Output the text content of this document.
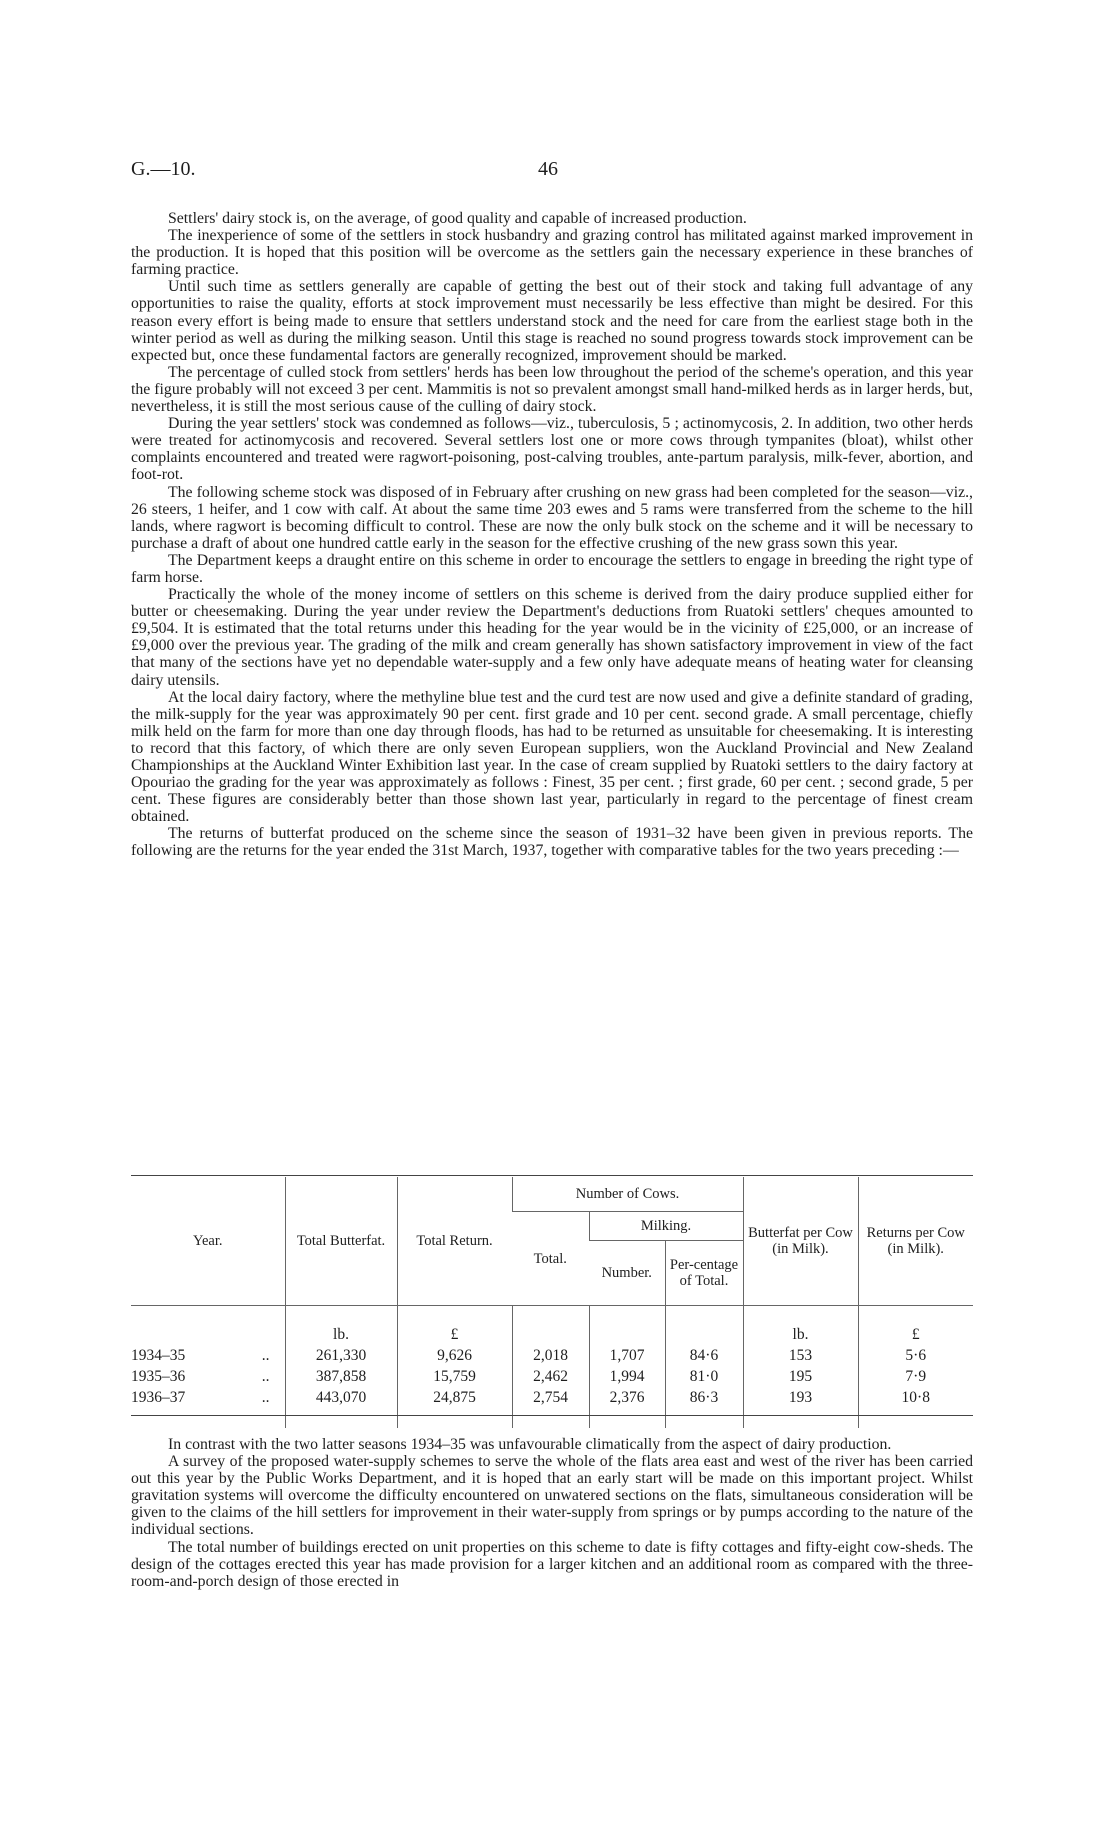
G.—10.	46

Settlers' dairy stock is, on the average, of good quality and capable of increased production.

The inexperience of some of the settlers in stock husbandry and grazing control has militated against marked improvement in the production. It is hoped that this position will be overcome as the settlers gain the necessary experience in these branches of farming practice.

Until such time as settlers generally are capable of getting the best out of their stock and taking full advantage of any opportunities to raise the quality, efforts at stock improvement must necessarily be less effective than might be desired. For this reason every effort is being made to ensure that settlers understand stock and the need for care from the earliest stage both in the winter period as well as during the milking season. Until this stage is reached no sound progress towards stock improvement can be expected but, once these fundamental factors are generally recognized, improvement should be marked.

The percentage of culled stock from settlers' herds has been low throughout the period of the scheme's operation, and this year the figure probably will not exceed 3 per cent. Mammitis is not so prevalent amongst small hand-milked herds as in larger herds, but, nevertheless, it is still the most serious cause of the culling of dairy stock.

During the year settlers' stock was condemned as follows—viz., tuberculosis, 5 ; actinomycosis, 2. In addition, two other herds were treated for actinomycosis and recovered. Several settlers lost one or more cows through tympanites (bloat), whilst other complaints encountered and treated were ragwort-poisoning, post-calving troubles, ante-partum paralysis, milk-fever, abortion, and foot-rot.

The following scheme stock was disposed of in February after crushing on new grass had been completed for the season—viz., 26 steers, 1 heifer, and 1 cow with calf. At about the same time 203 ewes and 5 rams were transferred from the scheme to the hill lands, where ragwort is becoming difficult to control. These are now the only bulk stock on the scheme and it will be necessary to purchase a draft of about one hundred cattle early in the season for the effective crushing of the new grass sown this year.

The Department keeps a draught entire on this scheme in order to encourage the settlers to engage in breeding the right type of farm horse.

Practically the whole of the money income of settlers on this scheme is derived from the dairy produce supplied either for butter or cheesemaking. During the year under review the Department's deductions from Ruatoki settlers' cheques amounted to £9,504. It is estimated that the total returns under this heading for the year would be in the vicinity of £25,000, or an increase of £9,000 over the previous year. The grading of the milk and cream generally has shown satisfactory improvement in view of the fact that many of the sections have yet no dependable water-supply and a few only have adequate means of heating water for cleansing dairy utensils.

At the local dairy factory, where the methyline blue test and the curd test are now used and give a definite standard of grading, the milk-supply for the year was approximately 90 per cent. first grade and 10 per cent. second grade. A small percentage, chiefly milk held on the farm for more than one day through floods, has had to be returned as unsuitable for cheesemaking. It is interesting to record that this factory, of which there are only seven European suppliers, won the Auckland Provincial and New Zealand Championships at the Auckland Winter Exhibition last year. In the case of cream supplied by Ruatoki settlers to the dairy factory at Opouriao the grading for the year was approximately as follows : Finest, 35 per cent. ; first grade, 60 per cent. ; second grade, 5 per cent. These figures are considerably better than those shown last year, particularly in regard to the percentage of finest cream obtained.

The returns of butterfat produced on the scheme since the season of 1931–32 have been given in previous reports. The following are the returns for the year ended the 31st March, 1937, together with comparative tables for the two years preceding :—

Year.	Total Butterfat.	Total Return.	Number of Cows.			Butterfat per Cow (in Milk).	Returns per Cow (in Milk).
			Total.	Milking.			
				Number.	Per-centage of Total.		
	lb.	£				lb.	£
1934–35 ..	261,330	9,626	2,018	1,707	84·6	153	5·6
1935–36 ..	387,858	15,759	2,462	1,994	81·0	195	7·9
1936–37 ..	443,070	24,875	2,754	2,376	86·3	193	10·8

In contrast with the two latter seasons 1934–35 was unfavourable climatically from the aspect of dairy production.

A survey of the proposed water-supply schemes to serve the whole of the flats area east and west of the river has been carried out this year by the Public Works Department, and it is hoped that an early start will be made on this important project. Whilst gravitation systems will overcome the difficulty encountered on unwatered sections on the flats, simultaneous consideration will be given to the claims of the hill settlers for improvement in their water-supply from springs or by pumps according to the nature of the individual sections.

The total number of buildings erected on unit properties on this scheme to date is fifty cottages and fifty-eight cow-sheds. The design of the cottages erected this year has made provision for a larger kitchen and an additional room as compared with the three-room-and-porch design of those erected in
